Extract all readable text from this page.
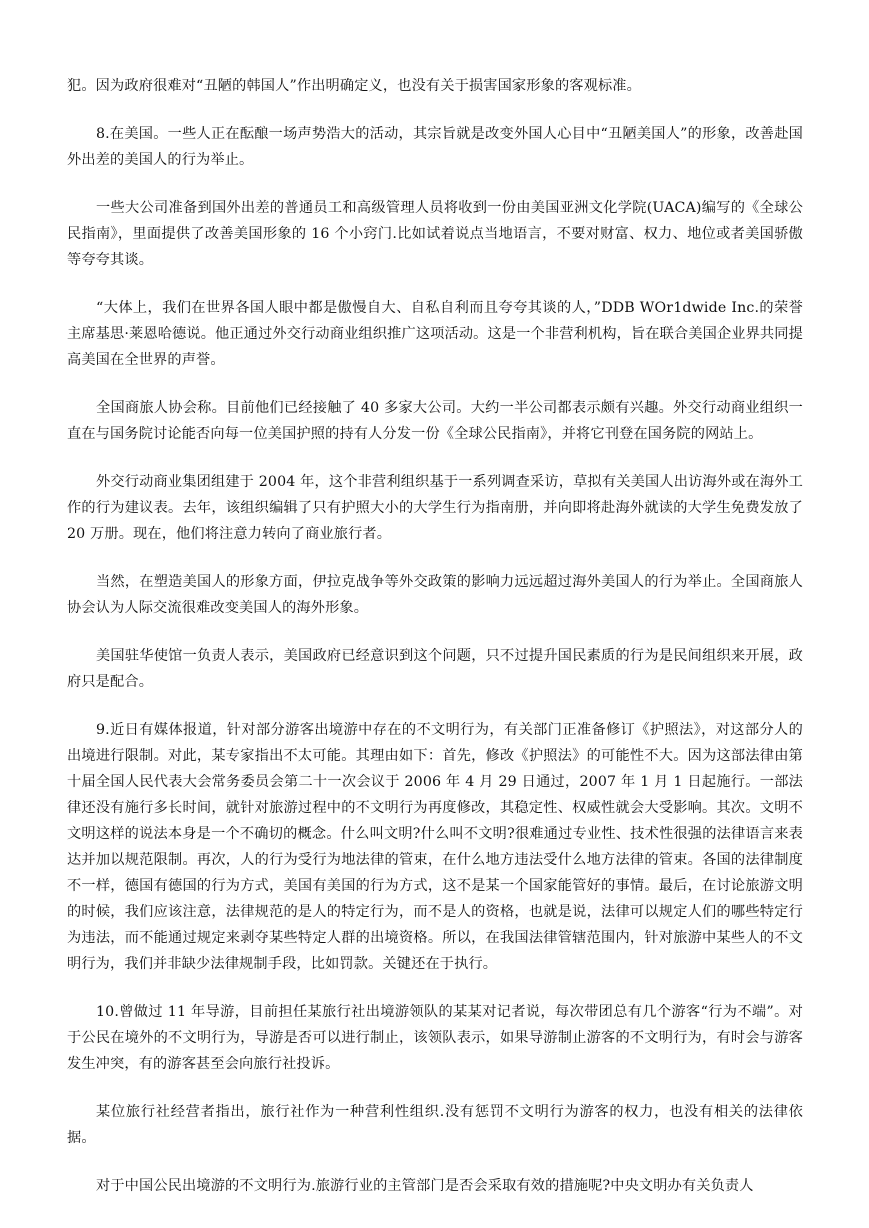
犯。因为政府很难对“丑陋的韩国人”作出明确定义，也没有关于损害国家形象的客观标准。

8.在美国。一些人正在酝酿一场声势浩大的活动，其宗旨就是改变外国人心目中“丑陋美国人”的形象，改善赴国外出差的美国人的行为举止。

一些大公司准备到国外出差的普通员工和高级管理人员将收到一份由美国亚洲文化学院(UACA)编写的《全球公民指南》，里面提供了改善美国形象的 16 个小窍门.比如试着说点当地语言，不要对财富、权力、地位或者美国骄傲等夸夸其谈。

“大体上，我们在世界各国人眼中都是傲慢自大、自私自利而且夸夸其谈的人，”DDB WOr1dwide Inc.的荣誉主席基思·莱恩哈德说。他正通过外交行动商业组织推广这项活动。这是一个非营利机构，旨在联合美国企业界共同提高美国在全世界的声誉。

全国商旅人协会称。目前他们已经接触了 40 多家大公司。大约一半公司都表示颇有兴趣。外交行动商业组织一直在与国务院讨论能否向每一位美国护照的持有人分发一份《全球公民指南》，并将它刊登在国务院的网站上。

外交行动商业集团组建于 2004 年，这个非营利组织基于一系列调查采访，草拟有关美国人出访海外或在海外工作的行为建议表。去年，该组织编辑了只有护照大小的大学生行为指南册，并向即将赴海外就读的大学生免费发放了 20 万册。现在，他们将注意力转向了商业旅行者。

当然，在塑造美国人的形象方面，伊拉克战争等外交政策的影响力远远超过海外美国人的行为举止。全国商旅人协会认为人际交流很难改变美国人的海外形象。

美国驻华使馆一负责人表示，美国政府已经意识到这个问题，只不过提升国民素质的行为是民间组织来开展，政府只是配合。

9.近日有媒体报道，针对部分游客出境游中存在的不文明行为，有关部门正准备修订《护照法》，对这部分人的出境进行限制。对此，某专家指出不太可能。其理由如下：首先，修改《护照法》的可能性不大。因为这部法律由第十届全国人民代表大会常务委员会第二十一次会议于 2006 年 4 月 29 日通过，2007 年 1 月 1 日起施行。一部法律还没有施行多长时间，就针对旅游过程中的不文明行为再度修改，其稳定性、权威性就会大受影响。其次。文明不文明这样的说法本身是一个不确切的概念。什么叫文明?什么叫不文明?很难通过专业性、技术性很强的法律语言来表达并加以规范限制。再次，人的行为受行为地法律的管束，在什么地方违法受什么地方法律的管束。各国的法律制度不一样，德国有德国的行为方式，美国有美国的行为方式，这不是某一个国家能管好的事情。最后，在讨论旅游文明的时候，我们应该注意，法律规范的是人的特定行为，而不是人的资格，也就是说，法律可以规定人们的哪些特定行为违法，而不能通过规定来剥夺某些特定人群的出境资格。所以，在我国法律管辖范围内，针对旅游中某些人的不文明行为，我们并非缺少法律规制手段，比如罚款。关键还在于执行。

10.曾做过 11 年导游，目前担任某旅行社出境游领队的某某对记者说，每次带团总有几个游客“行为不端”。对于公民在境外的不文明行为，导游是否可以进行制止，该领队表示，如果导游制止游客的不文明行为，有时会与游客发生冲突，有的游客甚至会向旅行社投诉。

某位旅行社经营者指出，旅行社作为一种营利性组织.没有惩罚不文明行为游客的权力，也没有相关的法律依据。

对于中国公民出境游的不文明行为.旅游行业的主管部门是否会采取有效的措施呢?中央文明办有关负责人
